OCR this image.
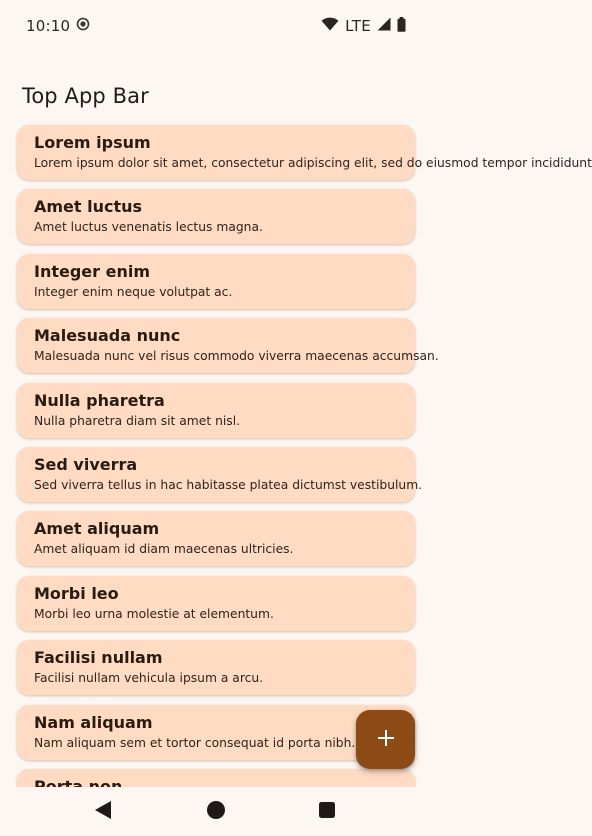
10:10	LTE
Top App Bar
Lorem ipsum
Lorem ipsum dolor sit amet, consectetur adipiscing elit, sed do eiusmod tempor incididunt
Amet luctus
Amet luctus venenatis lectus magna.
Integer enim
Integer enim neque volutpat ac.
Malesuada nunc
Malesuada nunc vel risus commodo viverra maecenas accumsan.
Nulla pharetra
Nulla pharetra diam sit amet nisl.
Sed viverra
Sed viverra tellus in hac habitasse platea dictumst vestibulum.
Amet aliquam
Amet aliquam id diam maecenas ultricies.
Morbi leo
Morbi leo urna molestie at elementum.
Facilisi nullam
Facilisi nullam vehicula ipsum a arcu.
Nam aliquam
Nam aliquam sem et tortor consequat id porta nibh.
